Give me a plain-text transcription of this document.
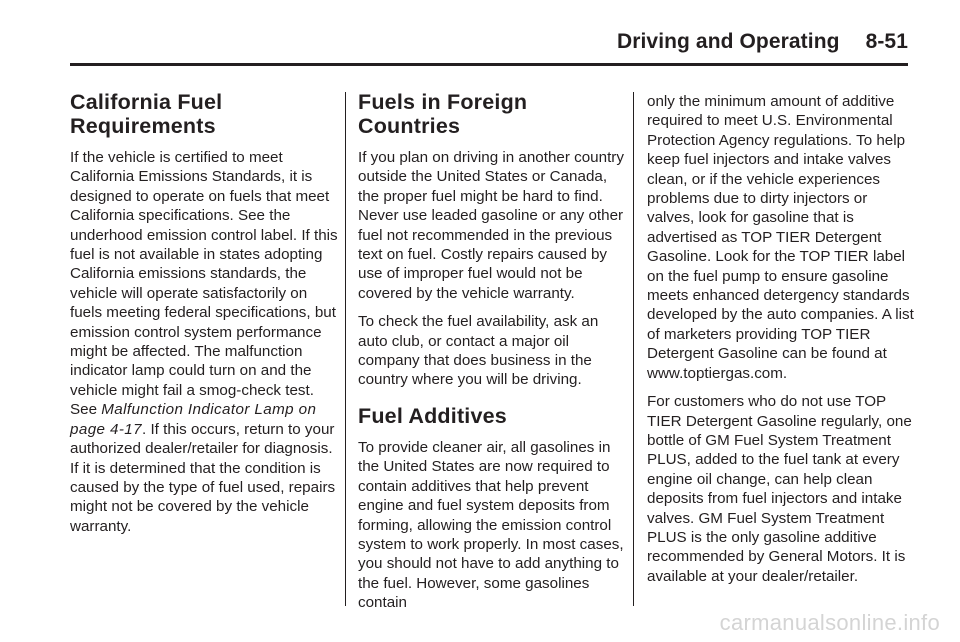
Driving and Operating 8-51
California Fuel
Requirements

If the vehicle is certified to meet California Emissions Standards, it is designed to operate on fuels that meet California specifications. See the underhood emission control label. If this fuel is not available in states adopting California emissions standards, the vehicle will operate satisfactorily on fuels meeting federal specifications, but emission control system performance might be affected. The malfunction indicator lamp could turn on and the vehicle might fail a smog-check test. See Malfunction Indicator Lamp on page 4-17. If this occurs, return to your authorized dealer/retailer for diagnosis. If it is determined that the condition is caused by the type of fuel used, repairs might not be covered by the vehicle warranty.

Fuels in Foreign
Countries

If you plan on driving in another country outside the United States or Canada, the proper fuel might be hard to find. Never use leaded gasoline or any other fuel not recommended in the previous text on fuel. Costly repairs caused by use of improper fuel would not be covered by the vehicle warranty.

To check the fuel availability, ask an auto club, or contact a major oil company that does business in the country where you will be driving.

Fuel Additives

To provide cleaner air, all gasolines in the United States are now required to contain additives that help prevent engine and fuel system deposits from forming, allowing the emission control system to work properly. In most cases, you should not have to add anything to the fuel. However, some gasolines contain

only the minimum amount of additive required to meet U.S. Environmental Protection Agency regulations. To help keep fuel injectors and intake valves clean, or if the vehicle experiences problems due to dirty injectors or valves, look for gasoline that is advertised as TOP TIER Detergent Gasoline. Look for the TOP TIER label on the fuel pump to ensure gasoline meets enhanced detergency standards developed by the auto companies. A list of marketers providing TOP TIER Detergent Gasoline can be found at www.toptiergas.com.

For customers who do not use TOP TIER Detergent Gasoline regularly, one bottle of GM Fuel System Treatment PLUS, added to the fuel tank at every engine oil change, can help clean deposits from fuel injectors and intake valves. GM Fuel System Treatment PLUS is the only gasoline additive recommended by General Motors. It is available at your dealer/retailer.

carmanualsonline.info
